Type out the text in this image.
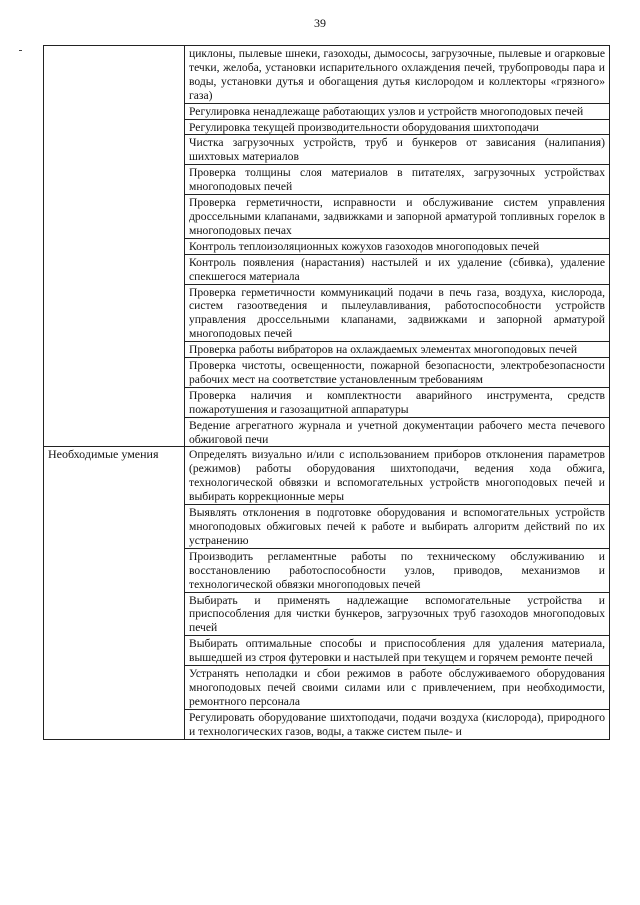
39
	циклоны, пылевые шнеки, газоходы, дымососы, загрузочные, пылевые и огарковые течки, желоба, установки испарительного охлаждения печей, трубопроводы пара и воды, установки дутья и обогащения дутья кислородом и коллекторы «грязного» газа)
	Регулировка ненадлежаще работающих узлов и устройств многоподовых печей
	Регулировка текущей производительности оборудования шихтоподачи
	Чистка загрузочных устройств, труб и бункеров от зависания (налипания) шихтовых материалов
	Проверка толщины слоя материалов в питателях, загрузочных устройствах многоподовых печей
	Проверка герметичности, исправности и обслуживание систем управления дроссельными клапанами, задвижками и запорной арматурой топливных горелок в многоподовых печах
	Контроль теплоизоляционных кожухов газоходов многоподовых печей
	Контроль появления (нарастания) настылей и их удаление (сбивка), удаление спекшегося материала
	Проверка герметичности коммуникаций подачи в печь газа, воздуха, кислорода, систем газоотведения и пылеулавливания, работоспособности устройств управления дроссельными клапанами, задвижками и запорной арматурой многоподовых печей
	Проверка работы вибраторов на охлаждаемых элементах многоподовых печей
	Проверка чистоты, освещенности, пожарной безопасности, электробезопасности рабочих мест на соответствие установленным требованиям
	Проверка наличия и комплектности аварийного инструмента, средств пожаротушения и газозащитной аппаратуры
	Ведение агрегатного журнала и учетной документации рабочего места печевого обжиговой печи
Необходимые умения	Определять визуально и/или с использованием приборов отклонения параметров (режимов) работы оборудования шихтоподачи, ведения хода обжига, технологической обвязки и вспомогательных устройств многоподовых печей и выбирать коррекционные меры
	Выявлять отклонения в подготовке оборудования и вспомогательных устройств многоподовых обжиговых печей к работе и выбирать алгоритм действий по их устранению
	Производить регламентные работы по техническому обслуживанию и восстановлению работоспособности узлов, приводов, механизмов и технологической обвязки многоподовых печей
	Выбирать и применять надлежащие вспомогательные устройства и приспособления для чистки бункеров, загрузочных труб газоходов многоподовых печей
	Выбирать оптимальные способы и приспособления для удаления материала, вышедшей из строя футеровки и настылей при текущем и горячем ремонте печей
	Устранять неполадки и сбои режимов в работе обслуживаемого оборудования многоподовых печей своими силами или с привлечением, при необходимости, ремонтного персонала
	Регулировать оборудование шихтоподачи, подачи воздуха (кислорода), природного и технологических газов, воды, а также систем пыле- и
